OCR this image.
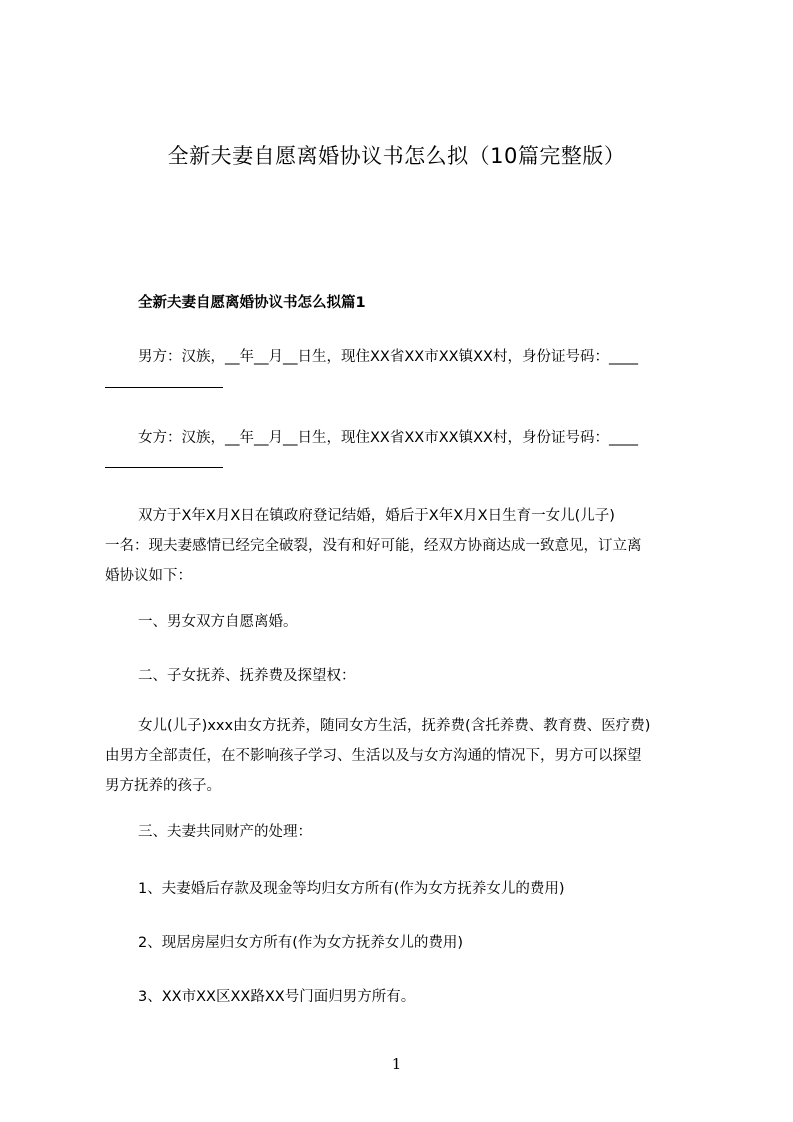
全新夫妻自愿离婚协议书怎么拟（10篇完整版）

全新夫妻自愿离婚协议书怎么拟篇1

男方：汉族，__年__月__日生，现住XX省XX市XX镇XX村，身份证号码：____

女方：汉族，__年__月__日生，现住XX省XX市XX镇XX村，身份证号码：____

双方于X年X月X日在镇政府登记结婚，婚后于X年X月X日生育一女儿(儿子)
一名：现夫妻感情已经完全破裂，没有和好可能，经双方协商达成一致意见，订立离
婚协议如下：

一、男女双方自愿离婚。

二、子女抚养、抚养费及探望权：

女儿(儿子)xxx由女方抚养，随同女方生活，抚养费(含托养费、教育费、医疗费)
由男方全部责任，在不影响孩子学习、生活以及与女方沟通的情况下，男方可以探望
男方抚养的孩子。

三、夫妻共同财产的处理：

1、夫妻婚后存款及现金等均归女方所有(作为女方抚养女儿的费用)

2、现居房屋归女方所有(作为女方抚养女儿的费用)

3、XX市XX区XX路XX号门面归男方所有。

1
